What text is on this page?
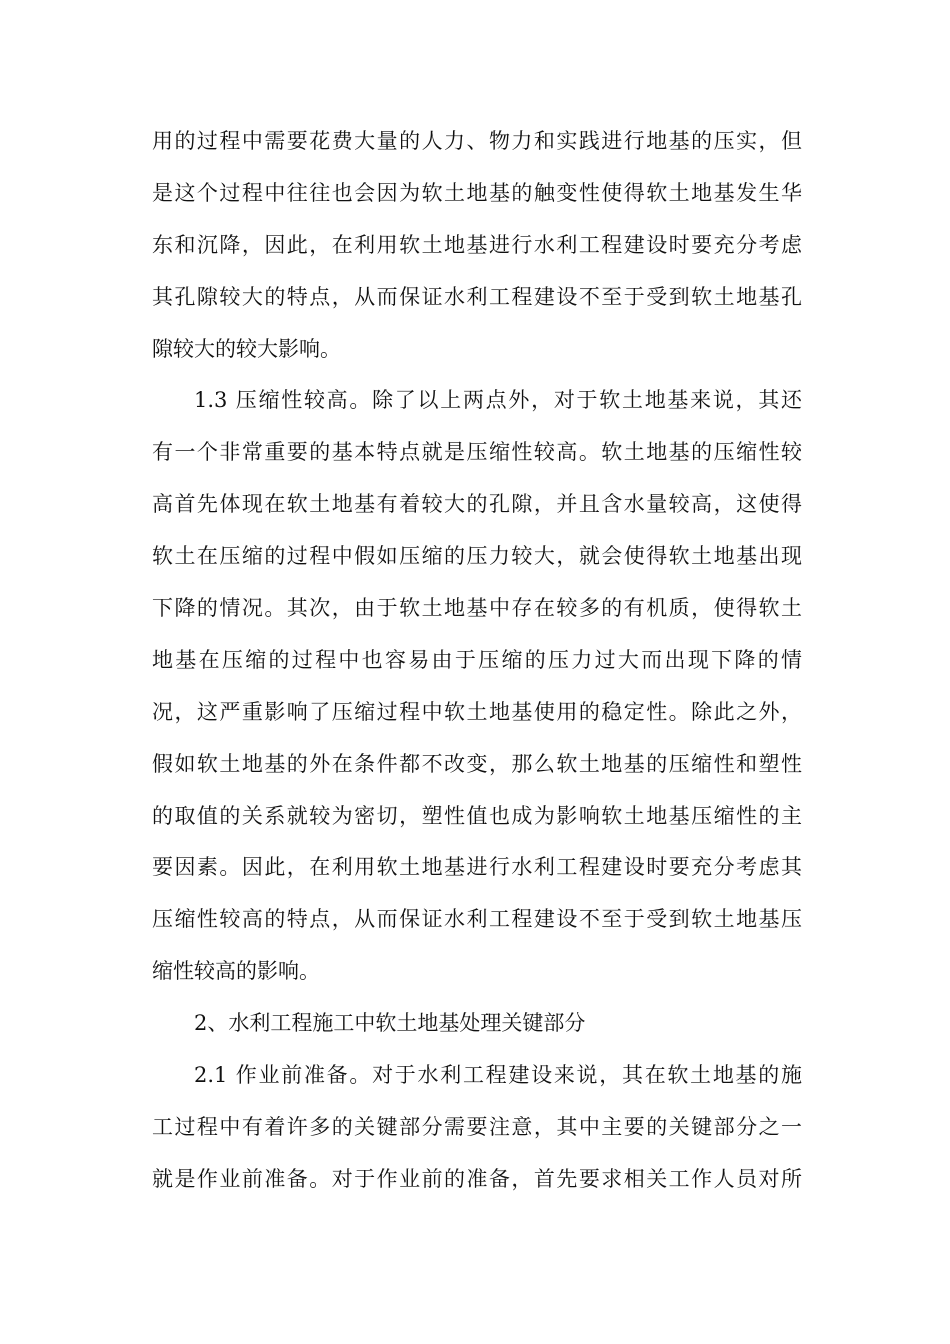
用的过程中需要花费大量的人力、物力和实践进行地基的压实，但
是这个过程中往往也会因为软土地基的触变性使得软土地基发生华
东和沉降，因此，在利用软土地基进行水利工程建设时要充分考虑
其孔隙较大的特点，从而保证水利工程建设不至于受到软土地基孔
隙较大的较大影响。
1.3 压缩性较高。除了以上两点外，对于软土地基来说，其还
有一个非常重要的基本特点就是压缩性较高。软土地基的压缩性较
高首先体现在软土地基有着较大的孔隙，并且含水量较高，这使得
软土在压缩的过程中假如压缩的压力较大，就会使得软土地基出现
下降的情况。其次，由于软土地基中存在较多的有机质，使得软土
地基在压缩的过程中也容易由于压缩的压力过大而出现下降的情
况，这严重影响了压缩过程中软土地基使用的稳定性。除此之外，
假如软土地基的外在条件都不改变，那么软土地基的压缩性和塑性
的取值的关系就较为密切，塑性值也成为影响软土地基压缩性的主
要因素。因此，在利用软土地基进行水利工程建设时要充分考虑其
压缩性较高的特点，从而保证水利工程建设不至于受到软土地基压
缩性较高的影响。
2、水利工程施工中软土地基处理关键部分
2.1 作业前准备。对于水利工程建设来说，其在软土地基的施
工过程中有着许多的关键部分需要注意，其中主要的关键部分之一
就是作业前准备。对于作业前的准备，首先要求相关工作人员对所
